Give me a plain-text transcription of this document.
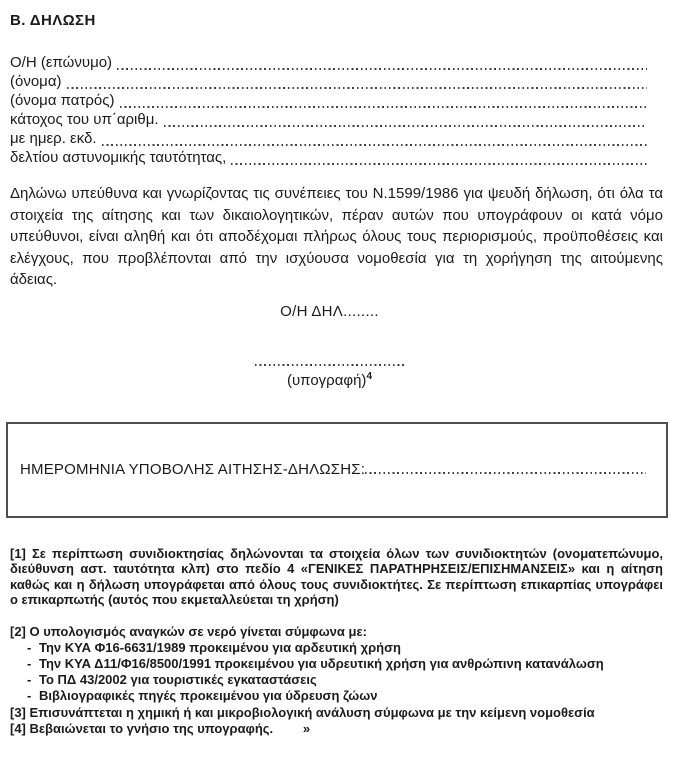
Β. ΔΗΛΩΣΗ
Ο/Η (επώνυμο)
(όνομα)
(όνομα πατρός)
κάτοχος του υπ΄αριθμ.
με ημερ. εκδ.
δελτίου αστυνομικής ταυτότητας,

Δηλώνω υπεύθυνα και γνωρίζοντας τις συνέπειες του Ν.1599/1986 για ψευδή δήλωση, ότι όλα τα στοιχεία της αίτησης και των δικαιολογητικών, πέραν αυτών που υπογράφουν οι κατά νόμο υπεύθυνοι, είναι αληθή και ότι αποδέχομαι πλήρως όλους τους περιορισμούς, προϋποθέσεις και ελέγχους, που προβλέπονται από την ισχύουσα νομοθεσία για τη χορήγηση της αιτούμενης άδειας.

Ο/Η ΔΗΛ........
$(\upsilon\pi o\gamma\rho\alpha\varphi ή)^4$
ΗΜΕΡΟΜΗΝΙΑ ΥΠΟΒΟΛΗΣ ΑΙΤΗΣΗΣ-ΔΗΛΩΣΗΣ:

[1] Σε περίπτωση συνιδιοκτησίας δηλώνονται τα στοιχεία όλων των συνιδιοκτητών (ονοματεπώνυμο, διεύθυνση αστ. ταυτότητα κλπ) στο πεδίο 4 «ΓΕΝΙΚΕΣ ΠΑΡΑΤΗΡΗΣΕΙΣ/ΕΠΙΣΗΜΑΝΣΕΙΣ» και η αίτηση καθώς και η δήλωση υπογράφεται από όλους τους συνιδιοκτήτες. Σε περίπτωση επικαρπίας υπογράφει ο επικαρπωτής (αυτός που εκμεταλλεύεται τη χρήση)

[2] Ο υπολογισμός αναγκών σε νερό γίνεται σύμφωνα με:
- Την ΚΥΑ Φ16-6631/1989 προκειμένου για αρδευτική χρήση
- Την ΚΥΑ Δ11/Φ16/8500/1991 προκειμένου για υδρευτική χρήση για ανθρώπινη κατανάλωση
- Το ΠΔ 43/2002 για τουριστικές εγκαταστάσεις
- Βιβλιογραφικές πηγές προκειμένου για ύδρευση ζώων
[3] Επισυνάπτεται η χημική ή και μικροβιολογική ανάλυση σύμφωνα με την κείμενη νομοθεσία
[4] Βεβαιώνεται το γνήσιο της υπογραφής. »
